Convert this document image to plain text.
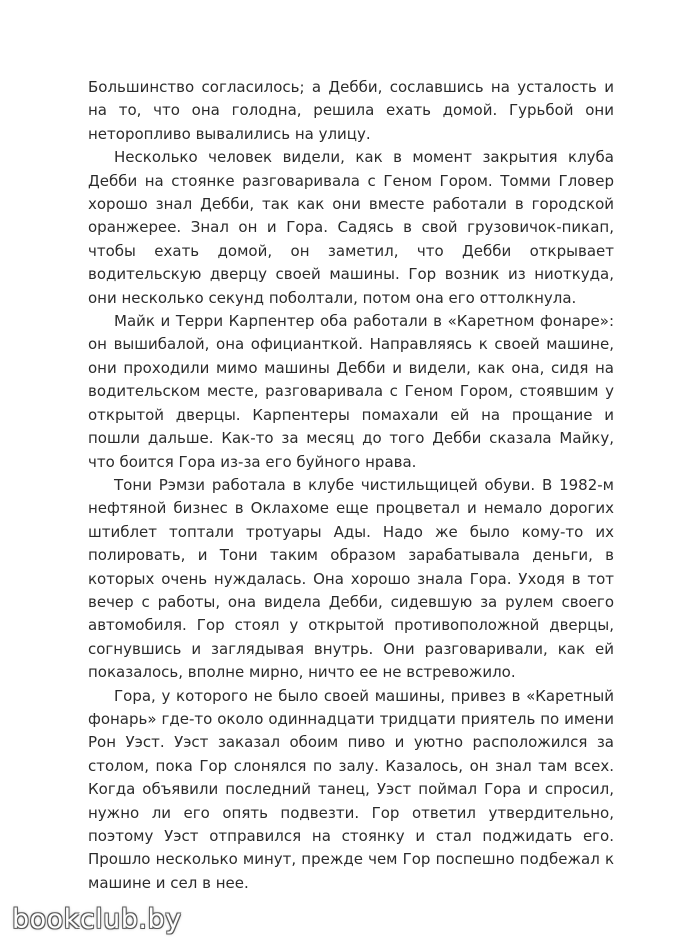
Большинство согласилось; а Дебби, сославшись на усталость и на то, что она голодна, решила ехать домой. Гурьбой они неторопливо вывалились на улицу.

Несколько человек видели, как в момент закрытия клуба Дебби на стоянке разговаривала с Геном Гором. Томми Гловер хорошо знал Дебби, так как они вместе работали в городской оранжерее. Знал он и Гора. Садясь в свой грузовичок-пикап, чтобы ехать домой, он заметил, что Дебби открывает водительскую дверцу своей машины. Гор возник из ниоткуда, они несколько секунд поболтали, потом она его оттолкнула.

Майк и Терри Карпентер оба работали в «Каретном фонаре»: он вышибалой, она официанткой. Направляясь к своей машине, они проходили мимо машины Дебби и видели, как она, сидя на водительском месте, разговаривала с Геном Гором, стоявшим у открытой дверцы. Карпентеры помахали ей на прощание и пошли дальше. Как-то за месяц до того Дебби сказала Майку, что боится Гора из-за его буйного нрава.

Тони Рэмзи работала в клубе чистильщицей обуви. В 1982-м нефтяной бизнес в Оклахоме еще процветал и немало дорогих штиблет топтали тротуары Ады. Надо же было кому-то их полировать, и Тони таким образом зарабатывала деньги, в которых очень нуждалась. Она хорошо знала Гора. Уходя в тот вечер с работы, она видела Дебби, сидевшую за рулем своего автомобиля. Гор стоял у открытой противоположной дверцы, согнувшись и заглядывая внутрь. Они разговаривали, как ей показалось, вполне мирно, ничто ее не встревожило.

Гора, у которого не было своей машины, привез в «Каретный фонарь» где-то около одиннадцати тридцати приятель по имени Рон Уэст. Уэст заказал обоим пиво и уютно расположился за столом, пока Гор слонялся по залу. Казалось, он знал там всех. Когда объявили последний танец, Уэст поймал Гора и спросил, нужно ли его опять подвезти. Гор ответил утвердительно, поэтому Уэст отправился на стоянку и стал поджидать его. Прошло несколько минут, прежде чем Гор поспешно подбежал к машине и сел в нее.

bookclub.by
